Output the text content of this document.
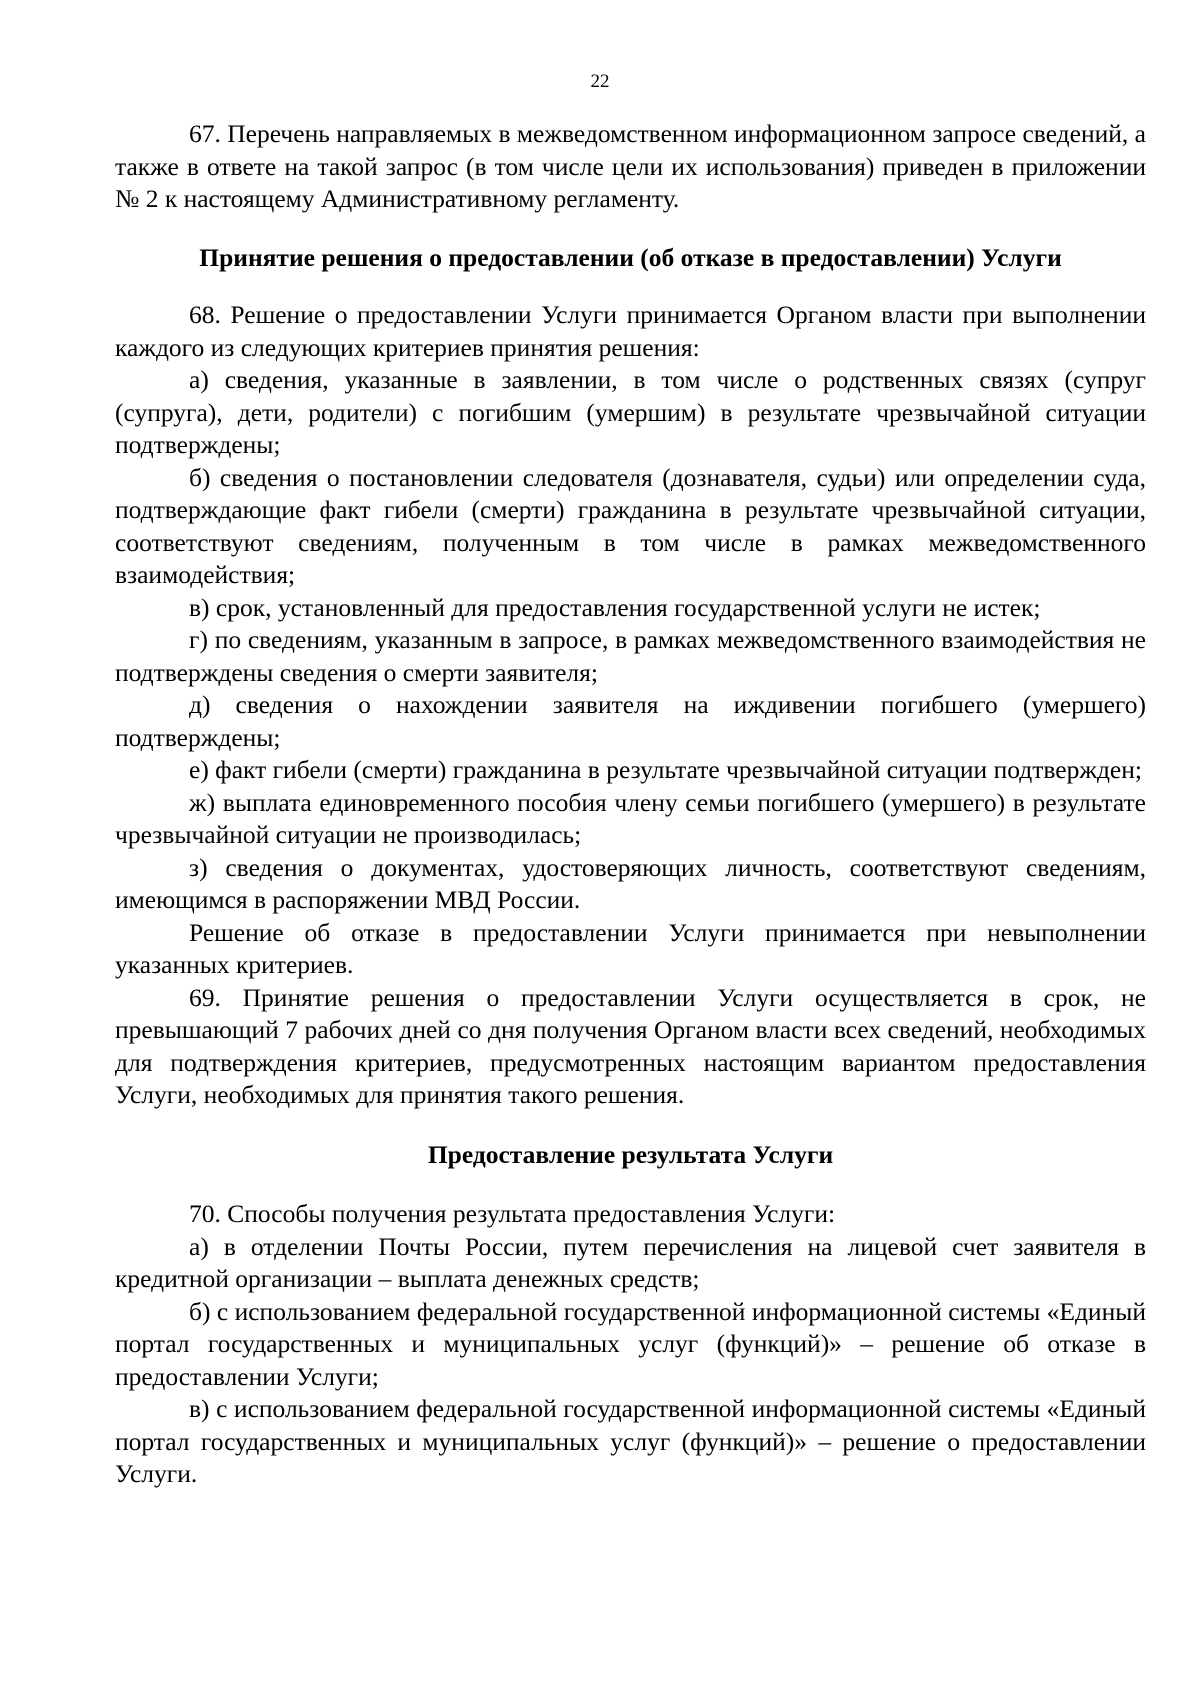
22

67. Перечень направляемых в межведомственном информационном запросе сведений, а также в ответе на такой запрос (в том числе цели их использования) приведен в приложении № 2 к настоящему Административному регламенту.

Принятие решения о предоставлении (об отказе в предоставлении) Услуги

68. Решение о предоставлении Услуги принимается Органом власти при выполнении каждого из следующих критериев принятия решения:

а) сведения, указанные в заявлении, в том числе о родственных связях (супруг (супруга), дети, родители) с погибшим (умершим) в результате чрезвычайной ситуации подтверждены;

б) сведения о постановлении следователя (дознавателя, судьи) или определении суда, подтверждающие факт гибели (смерти) гражданина в результате чрезвычайной ситуации, соответствуют сведениям, полученным в том числе в рамках межведомственного взаимодействия;

в) срок, установленный для предоставления государственной услуги не истек;

г) по сведениям, указанным в запросе, в рамках межведомственного взаимодействия не подтверждены сведения о смерти заявителя;

д) сведения о нахождении заявителя на иждивении погибшего (умершего) подтверждены;

е) факт гибели (смерти) гражданина в результате чрезвычайной ситуации подтвержден;

ж) выплата единовременного пособия члену семьи погибшего (умершего) в результате чрезвычайной ситуации не производилась;

з) сведения о документах, удостоверяющих личность, соответствуют сведениям, имеющимся в распоряжении МВД России.

Решение об отказе в предоставлении Услуги принимается при невыполнении указанных критериев.

69. Принятие решения о предоставлении Услуги осуществляется в срок, не превышающий 7 рабочих дней со дня получения Органом власти всех сведений, необходимых для подтверждения критериев, предусмотренных настоящим вариантом предоставления Услуги, необходимых для принятия такого решения.

Предоставление результата Услуги

70. Способы получения результата предоставления Услуги:

а) в отделении Почты России, путем перечисления на лицевой счет заявителя в кредитной организации – выплата денежных средств;

б) с использованием федеральной государственной информационной системы «Единый портал государственных и муниципальных услуг (функций)» – решение об отказе в предоставлении Услуги;

в) с использованием федеральной государственной информационной системы «Единый портал государственных и муниципальных услуг (функций)» – решение о предоставлении Услуги.
